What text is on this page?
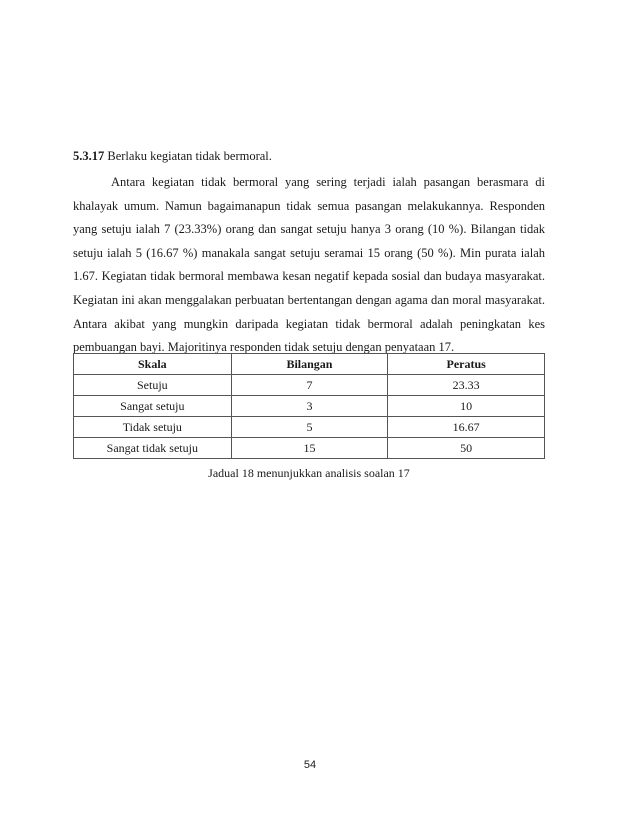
5.3.17 Berlaku kegiatan tidak bermoral.
Antara kegiatan tidak bermoral yang sering terjadi ialah pasangan berasmara di
khalayak umum. Namun bagaimanapun tidak semua pasangan melakukannya. Responden
yang setuju ialah 7 (23.33%) orang dan sangat setuju hanya 3 orang (10 %). Bilangan tidak
setuju ialah 5 (16.67 %) manakala sangat setuju seramai 15 orang (50 %). Min purata ialah
1.67. Kegiatan tidak bermoral membawa kesan negatif kepada sosial dan budaya masyarakat.
Kegiatan ini akan menggalakan perbuatan bertentangan dengan agama dan moral masyarakat.
Antara akibat yang mungkin daripada kegiatan tidak bermoral adalah peningkatan kes
pembuangan bayi. Majoritinya responden tidak setuju dengan penyataan 17.
Skala	Bilangan	Peratus
Setuju	7	23.33
Sangat setuju	3	10
Tidak setuju	5	16.67
Sangat tidak setuju	15	50
Jadual 18 menunjukkan analisis soalan 17
54
